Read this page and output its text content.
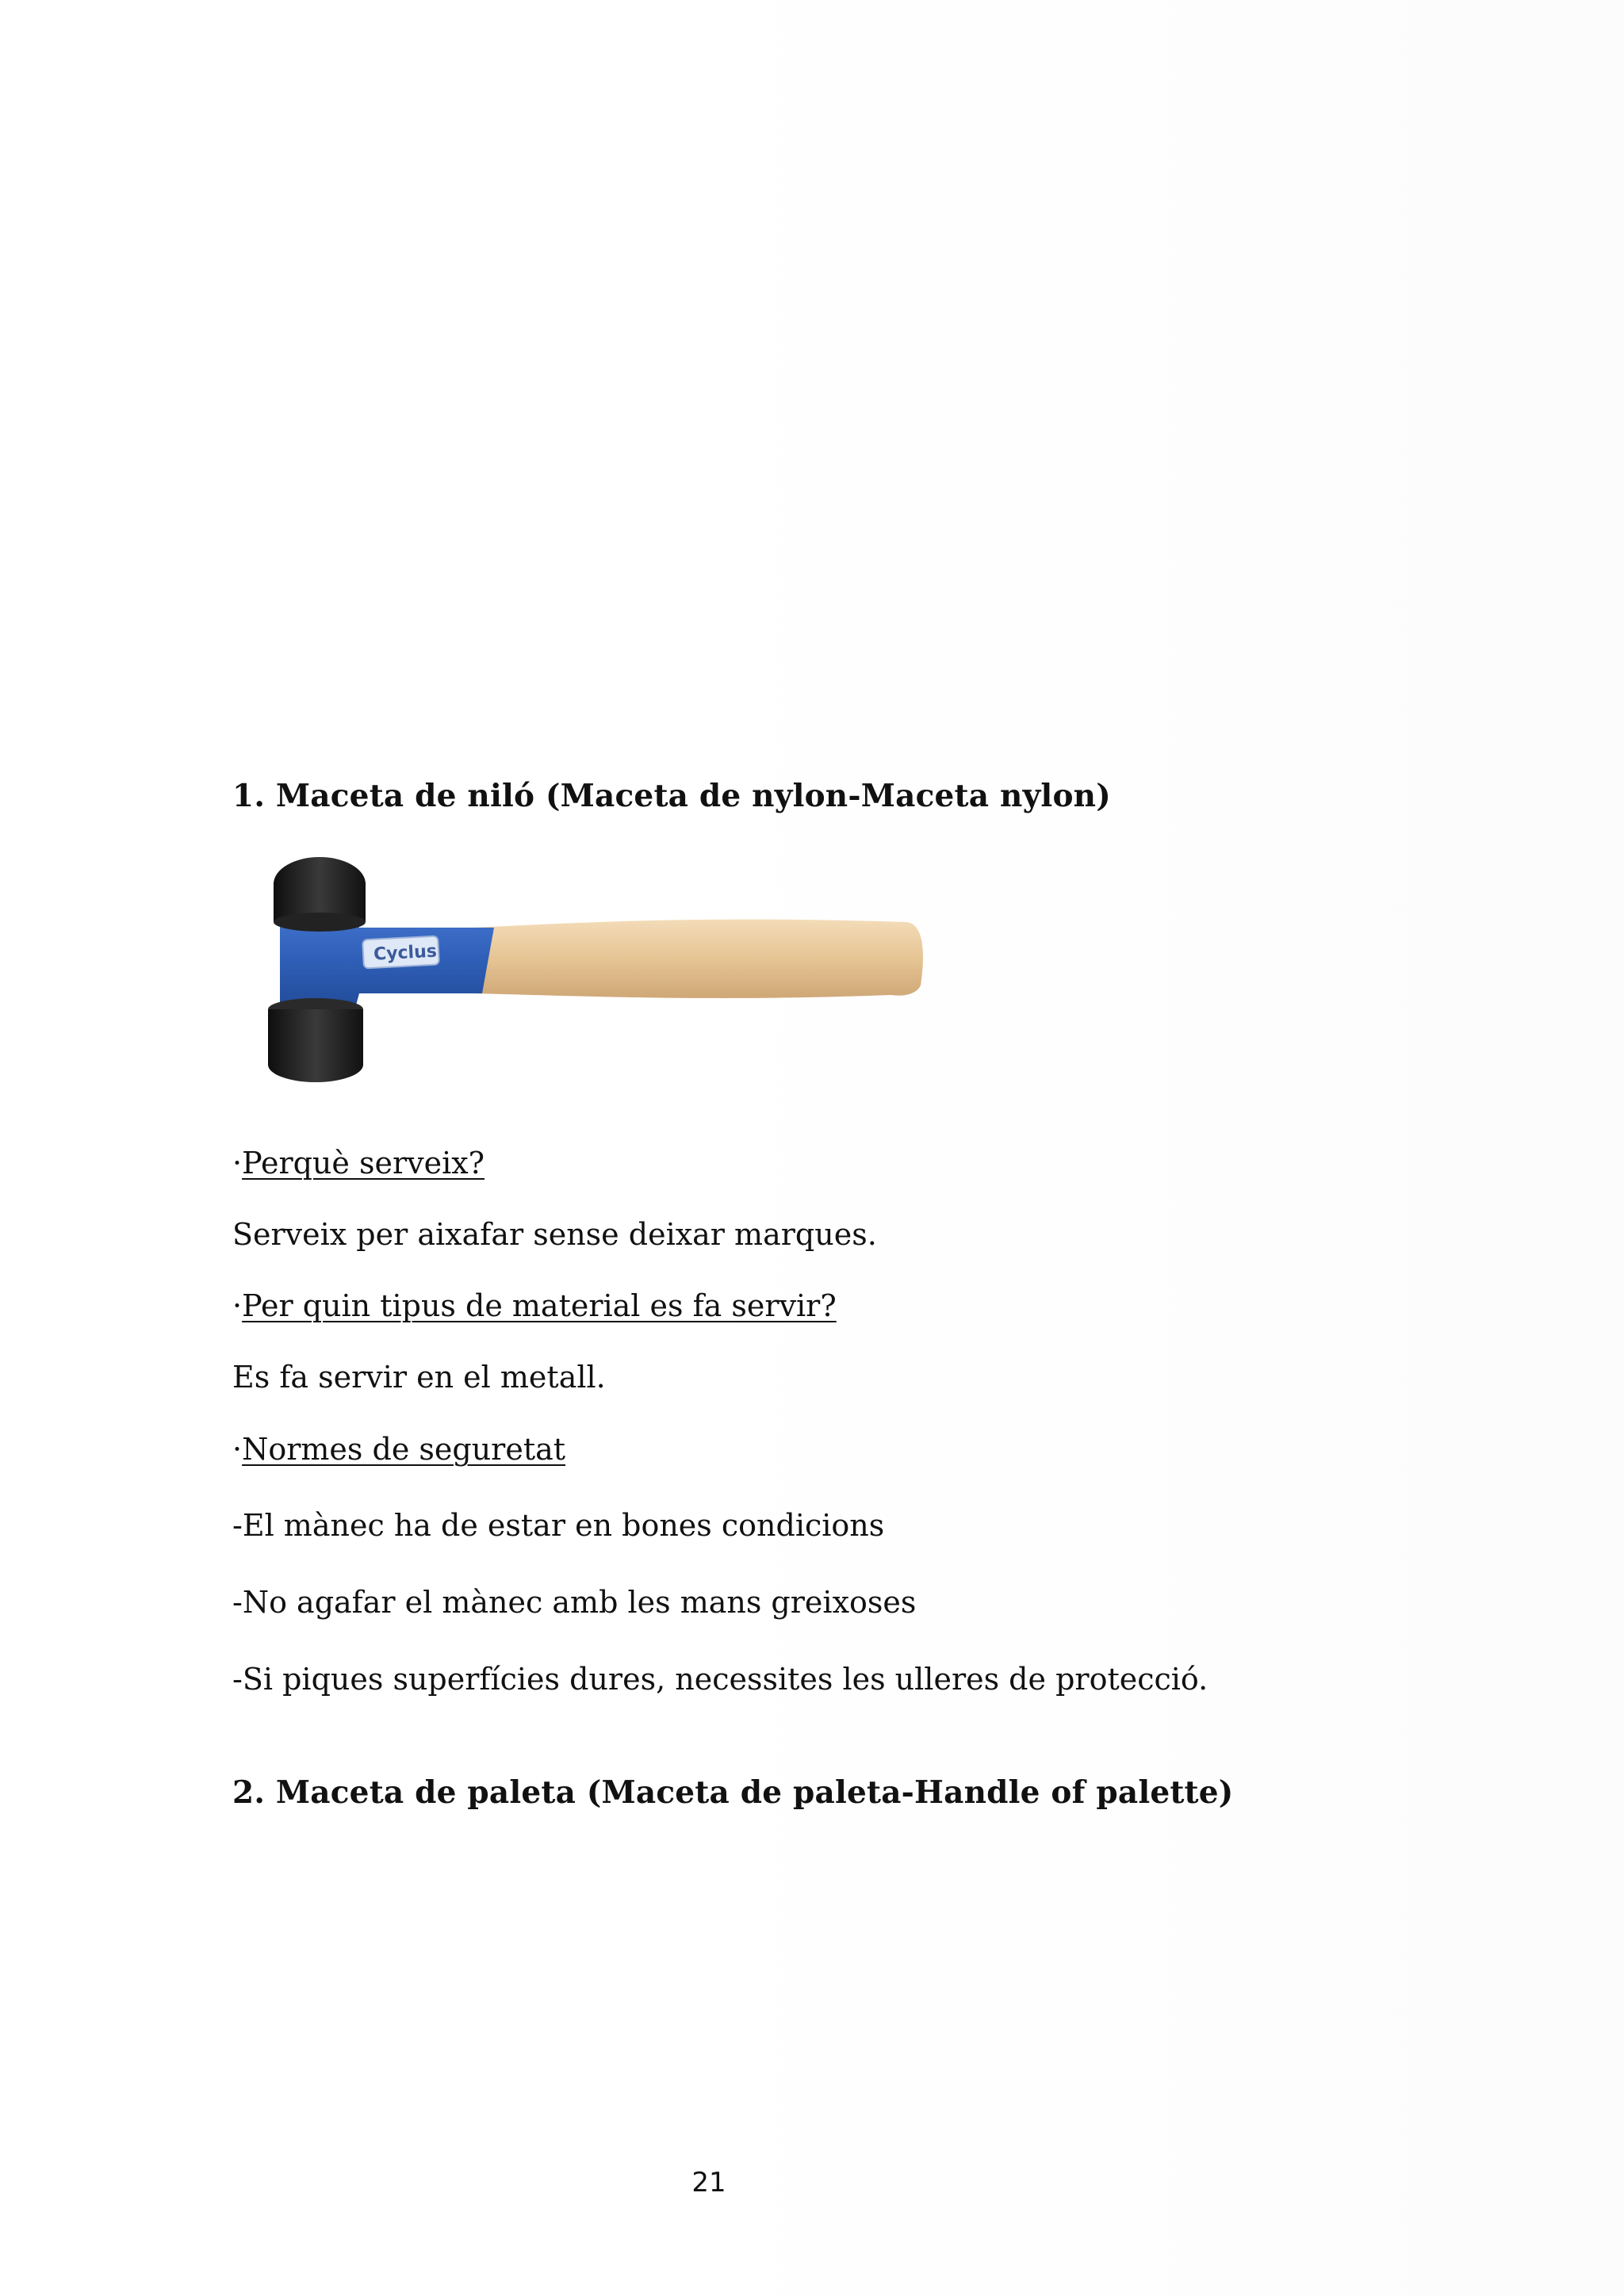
1. Maceta de niló (Maceta de nylon-Maceta nylon)
Cyclus
·Perquè serveix?
Serveix per aixafar sense deixar marques.
·Per quin tipus de material es fa servir?
Es fa servir en el metall.
·Normes de seguretat
-El mànec ha de estar en bones condicions
-No agafar el mànec amb les mans greixoses
-Si piques superfícies dures, necessites les ulleres de protecció.
2. Maceta de paleta (Maceta de paleta-Handle of palette)
21
